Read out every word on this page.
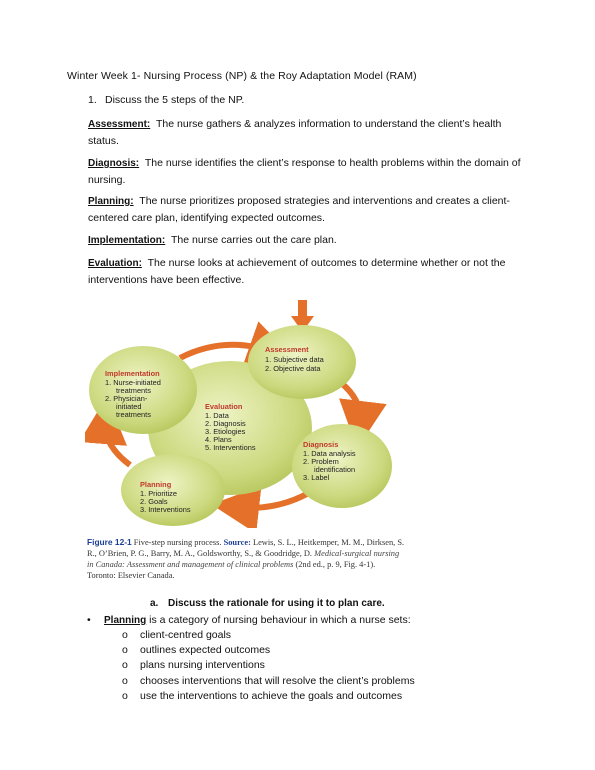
Winter Week 1- Nursing Process (NP) & the Roy Adaptation Model (RAM)
1. Discuss the 5 steps of the NP.
Assessment: The nurse gathers & analyzes information to understand the client’s health status.
Diagnosis: The nurse identifies the client’s response to health problems within the domain of nursing.
Planning: The nurse prioritizes proposed strategies and interventions and creates a client-centered care plan, identifying expected outcomes.
Implementation: The nurse carries out the care plan.
Evaluation: The nurse looks at achievement of outcomes to determine whether or not the interventions have been effective.
Assessment
1. Subjective data
2. Objective data
Implementation
1. Nurse-initiated
treatments
2. Physician-
initiated
treatments
Evaluation
1. Data
2. Diagnosis
3. Etiologies
4. Plans
5. Interventions	Diagnosis
1. Data analysis
2. Problem
identification
3. Label
Planning
1. Prioritize
2. Goals
3. Interventions
Figure 12-1 Five-step nursing process. Source: Lewis, S. L., Heitkemper, M. M., Dirksen, S. R., O’Brien, P. G., Barry, M. A., Goldsworthy, S., & Goodridge, D. Medical-surgical nursing in Canada: Assessment and management of clinical problems (2nd ed., p. 9, Fig. 4-1). Toronto: Elsevier Canada.
a. Discuss the rationale for using it to plan care.
• Planning is a category of nursing behaviour in which a nurse sets:
o client-centred goals
o outlines expected outcomes
o plans nursing interventions
o chooses interventions that will resolve the client’s problems
o use the interventions to achieve the goals and outcomes
